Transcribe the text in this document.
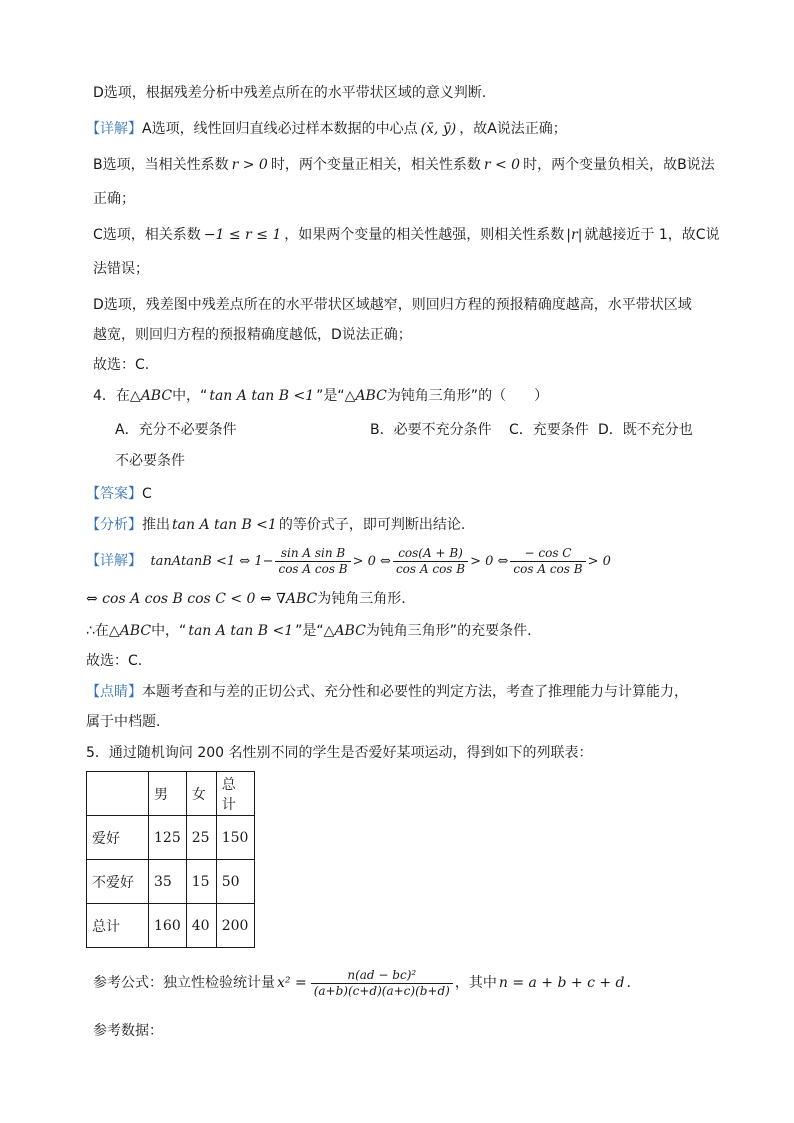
D选项，根据残差分析中残差点所在的水平带状区域的意义判断.
【详解】A选项，线性回归直线必过样本数据的中心点 (x̄, ȳ) ，故A说法正确；
B选项，当相关性系数 r > 0 时，两个变量正相关，相关性系数 r < 0 时，两个变量负相关，故B说法
正确；
C选项，相关系数 −1 ≤ r ≤ 1 ，如果两个变量的相关性越强，则相关性系数 |r| 就越接近于 1，故C说
法错误；
D选项，残差图中残差点所在的水平带状区域越窄，则回归方程的预报精确度越高，水平带状区域
越宽，则回归方程的预报精确度越低，D说法正确；
故选：C.
4．在△ABC中，“ tan A tan B <1 ”是“△ABC为钝角三角形”的（　　）
A．充分不必要条件	B．必要不充分条件 C．充要条件 D．既不充分也
不必要条件
【答案】C
【分析】推出 tan A tan B <1 的等价式子，即可判断出结论.
【详解】 tanAtanB <1 ⇔ $1- \frac{\text{sin A sin B}}{\text{cos A cos B}} > 0$ ⇔ $\frac{\cos(A + B)}{\text{cos A cos B}} > 0$ ⇔ $\frac{\text{− cos C}}{\text{cos A cos B}} > 0$
⇔ cos A cos B cos C < 0 ⇔ ∇ABC为钝角三角形.
∴在△ABC中，“ tan A tan B <1 ”是“△ABC为钝角三角形”的充要条件.
故选：C.
【点睛】本题考查和与差的正切公式、充分性和必要性的判定方法，考查了推理能力与计算能力，
属于中档题.
5．通过随机询问 200 名性别不同的学生是否爱好某项运动，得到如下的列联表：
	男	女	总计
爱好	125	25	150
不爱好	35	15	50
总计	160	40	200
参考公式：独立性检验统计量 $x^2 = \frac{\text{n(ad − bc)²}}{(a+b)(c+d)(a+c)(b+d)}$ ，其中 n = a + b + c + d .
参考数据：
